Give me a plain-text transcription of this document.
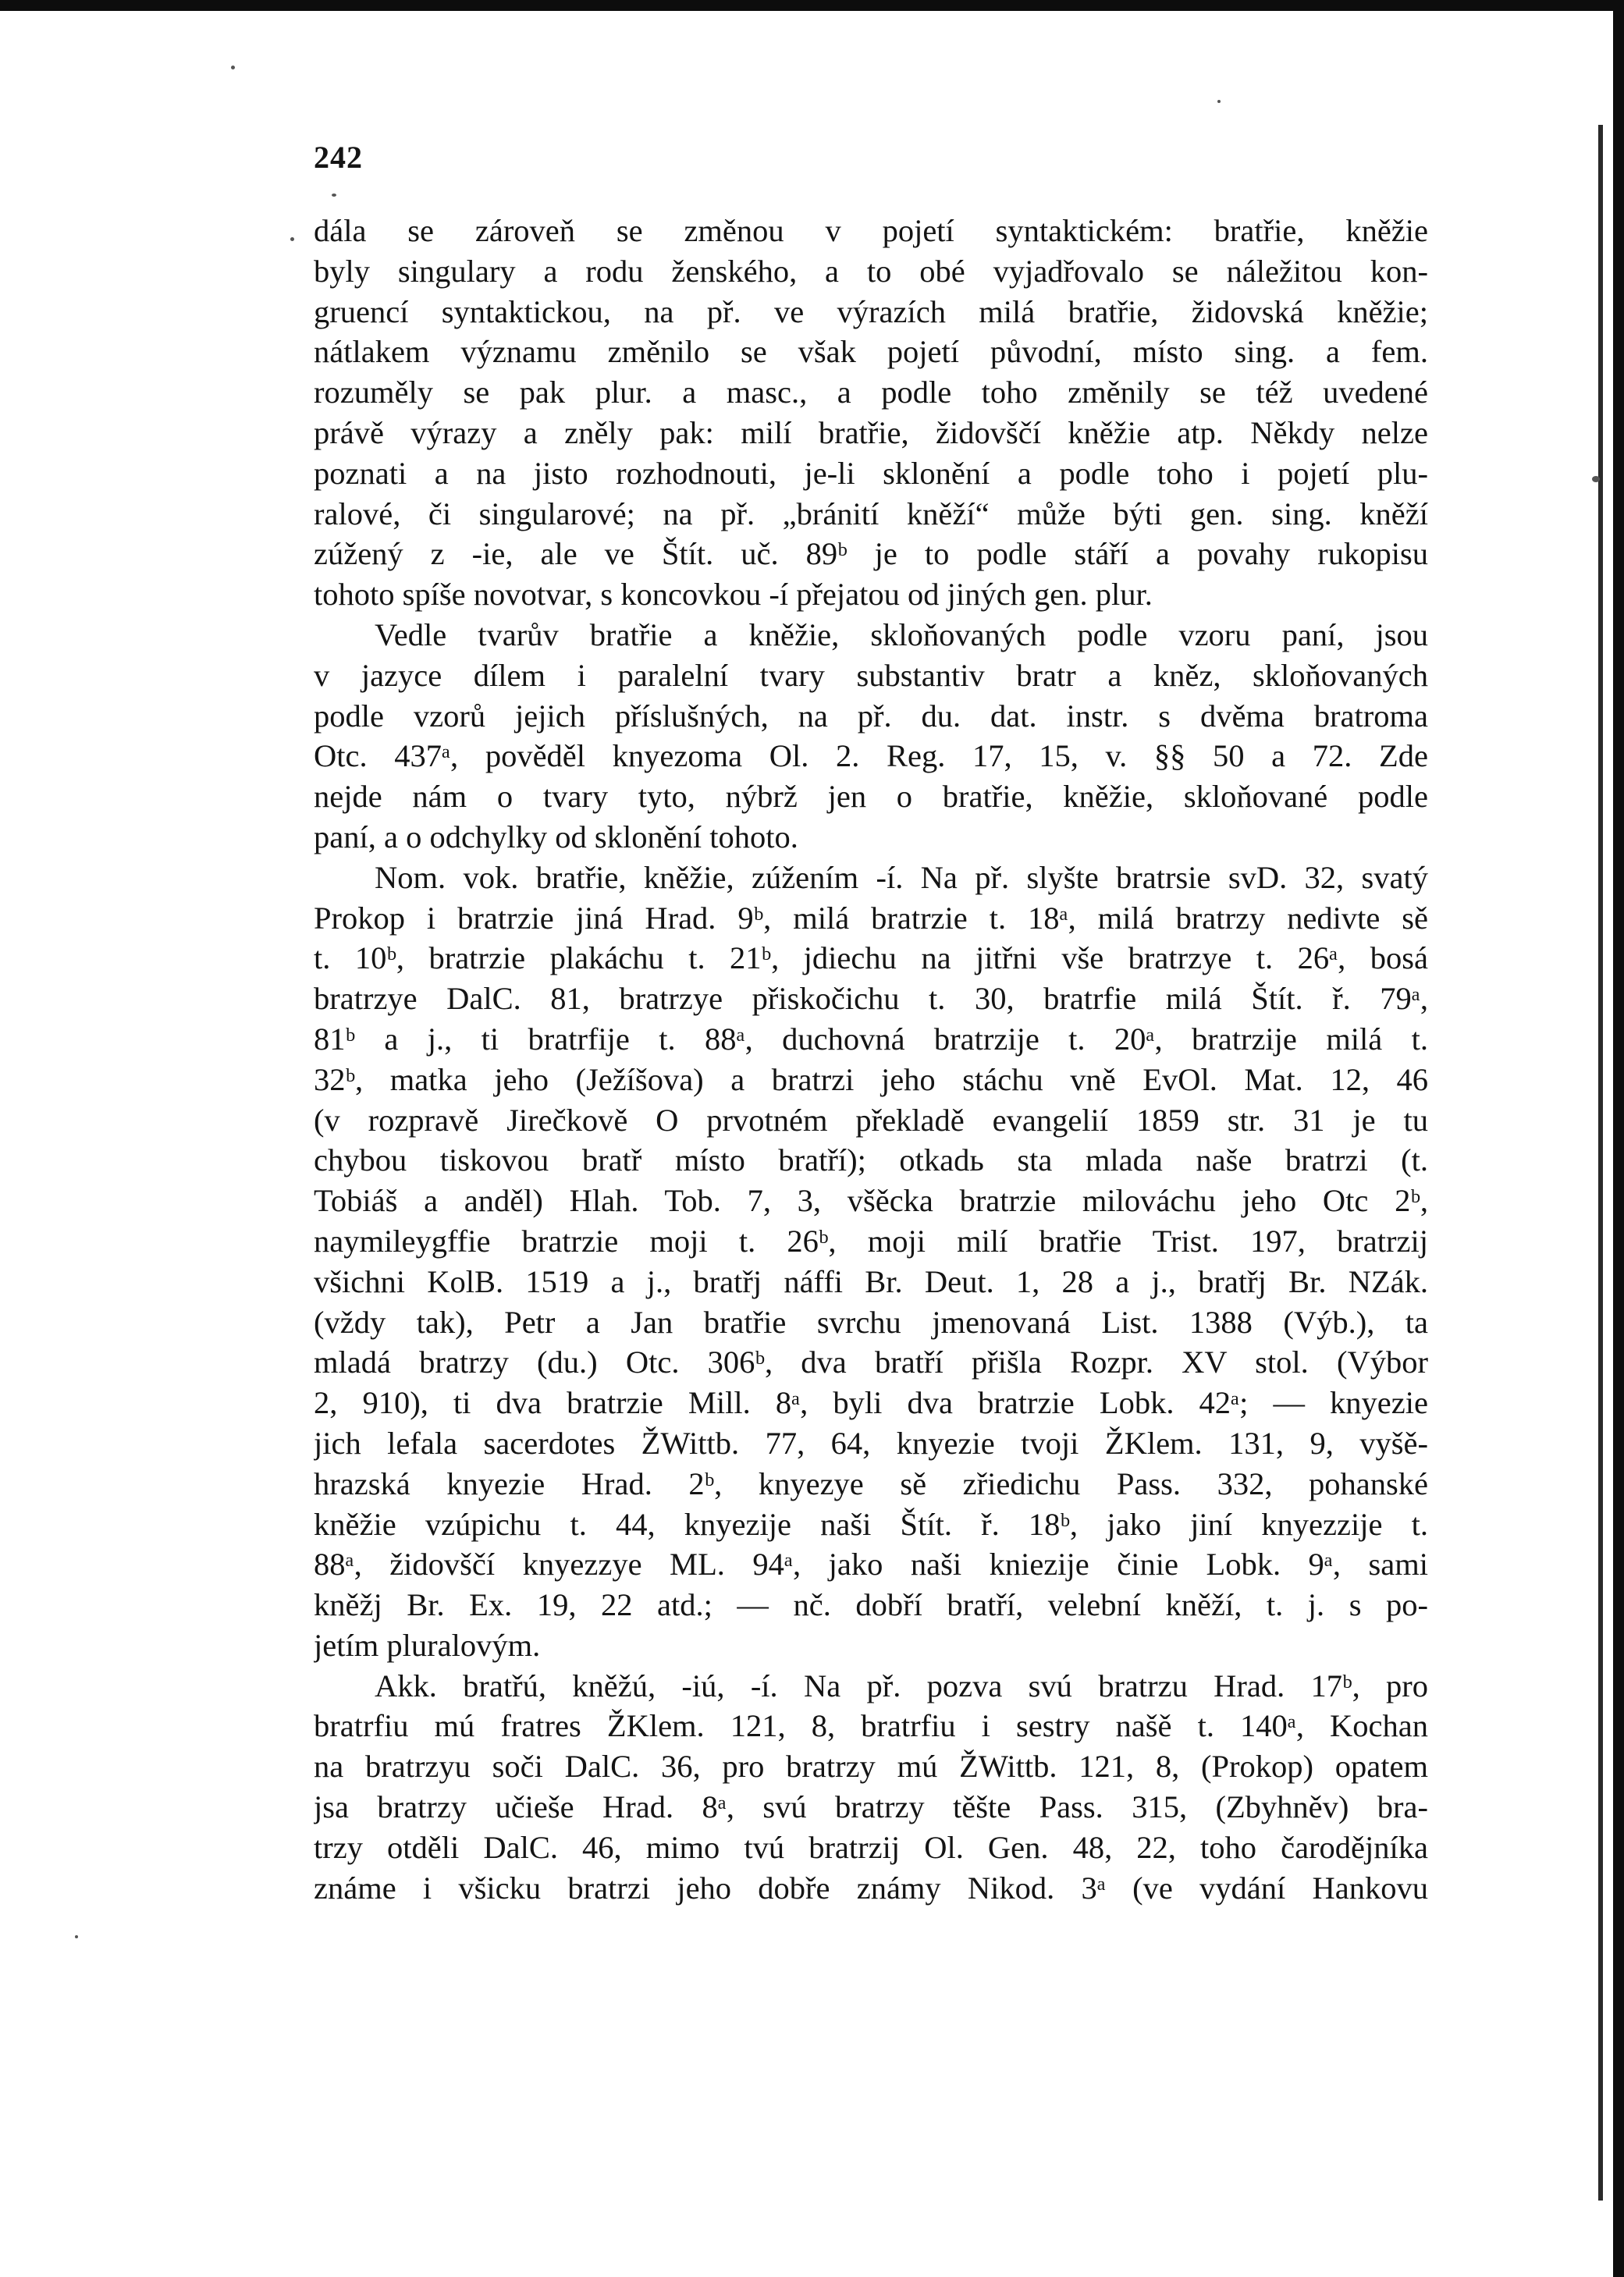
242
dála se zároveň se změnou v pojetí syntaktickém: bratřie, kněžie
byly singulary a rodu ženského, a to obé vyjadřovalo se náležitou kon-
gruencí syntaktickou, na př. ve výrazích milá bratřie, židovská kněžie;
nátlakem významu změnilo se však pojetí původní, místo sing. a fem.
rozuměly se pak plur. a masc., a podle toho změnily se též uvedené
právě výrazy a zněly pak: milí bratřie, židovščí kněžie atp. Někdy nelze
poznati a na jisto rozhodnouti, je-li sklonění a podle toho i pojetí plu-
ralové, či singularové; na př. „bránití kněží“ může býti gen. sing. kněží
zúžený z -ie, ale ve Štít. uč. 89ᵇ je to podle stáří a povahy rukopisu
tohoto spíše novotvar, s koncovkou -í přejatou od jiných gen. plur.
Vedle tvarův bratřie a kněžie, skloňovaných podle vzoru paní, jsou
v jazyce dílem i paralelní tvary substantiv bratr a kněz, skloňovaných
podle vzorů jejich příslušných, na př. du. dat. instr. s dvěma bratroma
Otc. 437ᵃ, pověděl knyezoma Ol. 2. Reg. 17, 15, v. §§ 50 a 72. Zde
nejde nám o tvary tyto, nýbrž jen o bratřie, kněžie, skloňované podle
paní, a o odchylky od sklonění tohoto.
Nom. vok. bratřie, kněžie, zúžením -í. Na př. slyšte bratrsie svD. 32, svatý
Prokop i bratrzie jiná Hrad. 9ᵇ, milá bratrzie t. 18ᵃ, milá bratrzy nedivte sě
t. 10ᵇ, bratrzie plakáchu t. 21ᵇ, jdiechu na jitřni vše bratrzye t. 26ᵃ, bosá
bratrzye DalC. 81, bratrzye přiskočichu t. 30, bratrfie milá Štít. ř. 79ᵃ,
81ᵇ a j., ti bratrfije t. 88ᵃ, duchovná bratrzije t. 20ᵃ, bratrzije milá t.
32ᵇ, matka jeho (Ježíšova) a bratrzi jeho stáchu vně EvOl. Mat. 12, 46
(v rozpravě Jirečkově O prvotném překladě evangelií 1859 str. 31 je tu
chybou tiskovou bratř místo bratří); otkadь sta mlada naše bratrzi (t.
Tobiáš a anděl) Hlah. Tob. 7, 3, všěcka bratrzie milováchu jeho Otc 2ᵇ,
naymileygffie bratrzie moji t. 26ᵇ, moji milí bratřie Trist. 197, bratrzij
všichni KolB. 1519 a j., bratřj náffi Br. Deut. 1, 28 a j., bratřj Br. NZák.
(vždy tak), Petr a Jan bratřie svrchu jmenovaná List. 1388 (Výb.), ta
mladá bratrzy (du.) Otc. 306ᵇ, dva bratří přišla Rozpr. XV stol. (Výbor
2, 910), ti dva bratrzie Mill. 8ᵃ, byli dva bratrzie Lobk. 42ᵃ; — knyezie
jich lefala sacerdotes ŽWittb. 77, 64, knyezie tvoji ŽKlem. 131, 9, vyšě-
hrazská knyezie Hrad. 2ᵇ, knyezye sě zřiedichu Pass. 332, pohanské
kněžie vzúpichu t. 44, knyezije naši Štít. ř. 18ᵇ, jako jiní knyezzije t.
88ᵃ, židovščí knyezzye ML. 94ᵃ, jako naši kniezije činie Lobk. 9ᵃ, sami
kněžj Br. Ex. 19, 22 atd.; — nč. dobří bratří, velební kněží, t. j. s po-
jetím pluralovým.
Akk. bratřú, kněžú, -iú, -í. Na př. pozva svú bratrzu Hrad. 17ᵇ, pro
bratrfiu mú fratres ŽKlem. 121, 8, bratrfiu i sestry našě t. 140ᵃ, Kochan
na bratrzyu soči DalC. 36, pro bratrzy mú ŽWittb. 121, 8, (Prokop) opatem
jsa bratrzy učieše Hrad. 8ᵃ, svú bratrzy těšte Pass. 315, (Zbyhněv) bra-
trzy otděli DalC. 46, mimo tvú bratrzij Ol. Gen. 48, 22, toho čarodějníka
známe i všicku bratrzi jeho dobře známy Nikod. 3ᵃ (ve vydání Hankovu
